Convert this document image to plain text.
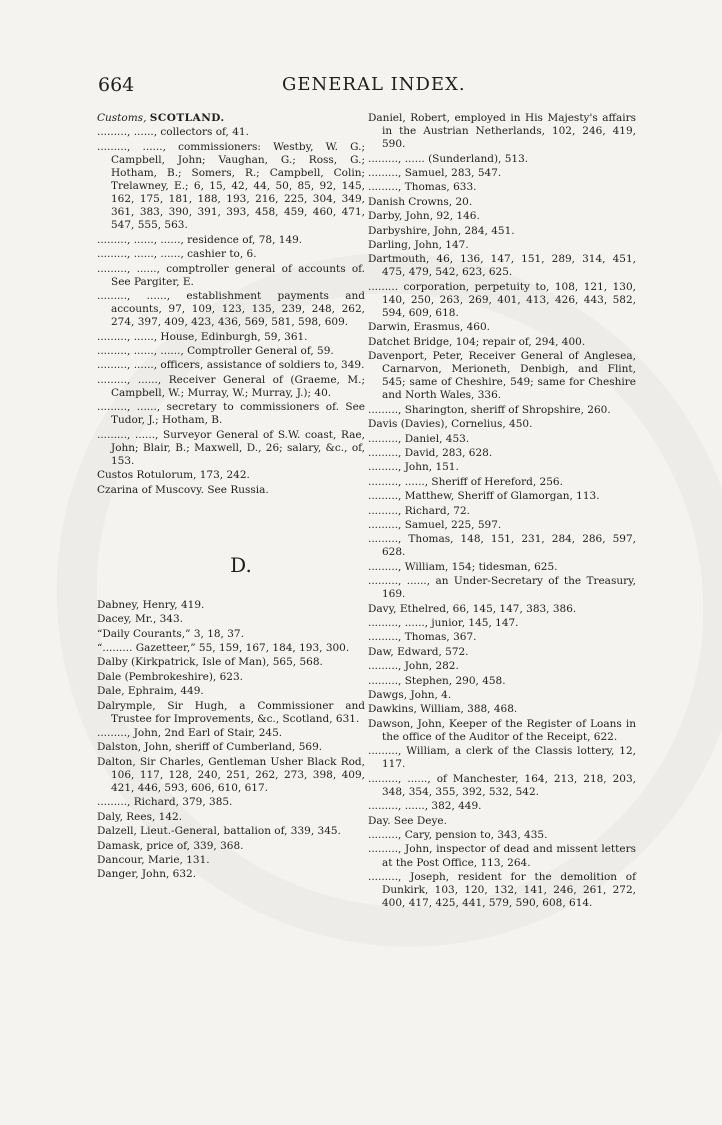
664	GENERAL INDEX.

Customs, SCOTLAND.

........., ......, collectors of, 41.

........., ......, commissioners: Westby, W. G.; Campbell, John; Vaughan, G.; Ross, G.; Hotham, B.; Somers, R.; Campbell, Colin; Trelawney, E.; 6, 15, 42, 44, 50, 85, 92, 145, 162, 175, 181, 188, 193, 216, 225, 304, 349, 361, 383, 390, 391, 393, 458, 459, 460, 471, 547, 555, 563.

........., ......, ......, residence of, 78, 149.

........., ......, ......, cashier to, 6.

........., ......, comptroller general of accounts of. See Pargiter, E.

........., ......, establishment payments and accounts, 97, 109, 123, 135, 239, 248, 262, 274, 397, 409, 423, 436, 569, 581, 598, 609.

........., ......, House, Edinburgh, 59, 361.

........., ......, ......, Comptroller General of, 59.

........., ......, officers, assistance of soldiers to, 349.

........., ......, Receiver General of (Graeme, M.; Campbell, W.; Murray, W.; Murray, J.); 40.

........., ......, secretary to commissioners of. See Tudor, J.; Hotham, B.

........., ......, Surveyor General of S.W. coast, Rae, John; Blair, B.; Maxwell, D., 26; salary, &c., of, 153.

Custos Rotulorum, 173, 242.

Czarina of Muscovy. See Russia.

D.

Dabney, Henry, 419.

Dacey, Mr., 343.

“Daily Courants,” 3, 18, 37.

“......... Gazetteer,” 55, 159, 167, 184, 193, 300.

Dalby (Kirkpatrick, Isle of Man), 565, 568.

Dale (Pembrokeshire), 623.

Dale, Ephraim, 449.

Dalrymple, Sir Hugh, a Commissioner and Trustee for Improvements, &c., Scotland, 631.

........., John, 2nd Earl of Stair, 245.

Dalston, John, sheriff of Cumberland, 569.

Dalton, Sir Charles, Gentleman Usher Black Rod, 106, 117, 128, 240, 251, 262, 273, 398, 409, 421, 446, 593, 606, 610, 617.

........., Richard, 379, 385.

Daly, Rees, 142.

Dalzell, Lieut.-General, battalion of, 339, 345.

Damask, price of, 339, 368.

Dancour, Marie, 131.

Danger, John, 632.

Daniel, Robert, employed in His Majesty's affairs in the Austrian Netherlands, 102, 246, 419, 590.

........., ...... (Sunderland), 513.

........., Samuel, 283, 547.

........., Thomas, 633.

Danish Crowns, 20.

Darby, John, 92, 146.

Darbyshire, John, 284, 451.

Darling, John, 147.

Dartmouth, 46, 136, 147, 151, 289, 314, 451, 475, 479, 542, 623, 625.

......... corporation, perpetuity to, 108, 121, 130, 140, 250, 263, 269, 401, 413, 426, 443, 582, 594, 609, 618.

Darwin, Erasmus, 460.

Datchet Bridge, 104; repair of, 294, 400.

Davenport, Peter, Receiver General of Anglesea, Carnarvon, Merioneth, Denbigh, and Flint, 545; same of Cheshire, 549; same for Cheshire and North Wales, 336.

........., Sharington, sheriff of Shropshire, 260.

Davis (Davies), Cornelius, 450.

........., Daniel, 453.

........., David, 283, 628.

........., John, 151.

........., ......, Sheriff of Hereford, 256.

........., Matthew, Sheriff of Glamorgan, 113.

........., Richard, 72.

........., Samuel, 225, 597.

........., Thomas, 148, 151, 231, 284, 286, 597, 628.

........., William, 154; tidesman, 625.

........., ......, an Under-Secretary of the Treasury, 169.

Davy, Ethelred, 66, 145, 147, 383, 386.

........., ......, junior, 145, 147.

........., Thomas, 367.

Daw, Edward, 572.

........., John, 282.

........., Stephen, 290, 458.

Dawgs, John, 4.

Dawkins, William, 388, 468.

Dawson, John, Keeper of the Register of Loans in the office of the Auditor of the Receipt, 622.

........., William, a clerk of the Classis lottery, 12, 117.

........., ......, of Manchester, 164, 213, 218, 203, 348, 354, 355, 392, 532, 542.

........., ......, 382, 449.

Day. See Deye.

........., Cary, pension to, 343, 435.

........., John, inspector of dead and missent letters at the Post Office, 113, 264.

........., Joseph, resident for the demolition of Dunkirk, 103, 120, 132, 141, 246, 261, 272, 400, 417, 425, 441, 579, 590, 608, 614.
